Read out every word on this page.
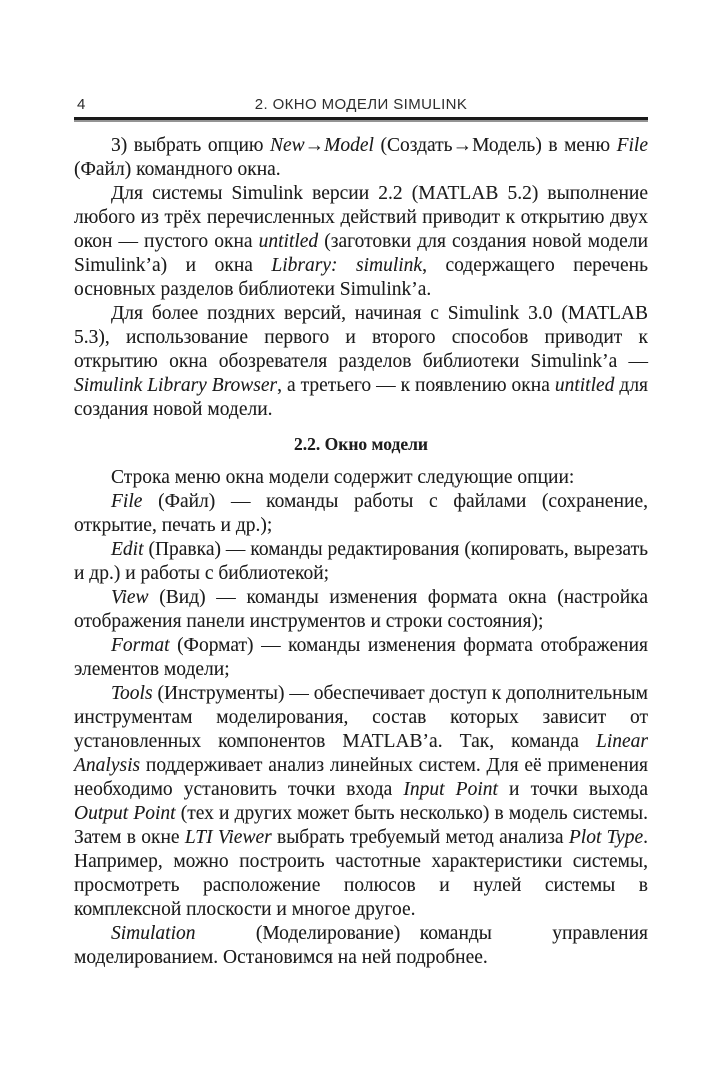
4	2. ОКНО МОДЕЛИ SIMULINK

3) выбрать опцию New→Model (Создать→Модель) в меню File (Файл) командного окна.

Для системы Simulink версии 2.2 (MATLAB 5.2) выполнение любого из трёх перечисленных действий приводит к открытию двух окон — пустого окна untitled (заготовки для создания новой модели Simulink’а) и окна Library: simulink, содержащего перечень основных разделов библиотеки Simulink’а.

Для более поздних версий, начиная с Simulink 3.0 (MATLAB 5.3), использование первого и второго способов приводит к открытию окна обозревателя разделов библиотеки Simulink’а — Simulink Library Browser, а третьего — к появлению окна untitled для создания новой модели.

2.2. Окно модели

Строка меню окна модели содержит следующие опции:

File (Файл) — команды работы с файлами (сохранение, открытие, печать и др.);

Edit (Правка) — команды редактирования (копировать, вырезать и др.) и работы с библиотекой;

View (Вид) — команды изменения формата окна (настройка отображения панели инструментов и строки состояния);

Format (Формат) — команды изменения формата отображения элементов модели;

Tools (Инструменты) — обеспечивает доступ к дополнительным инструментам моделирования, состав которых зависит от установленных компонентов MATLAB’а. Так, команда Linear Analysis поддерживает анализ линейных систем. Для её применения необходимо установить точки входа Input Point и точки выхода Output Point (тех и других может быть несколько) в модель системы. Затем в окне LTI Viewer выбрать требуемый метод анализа Plot Type. Например, можно построить частотные характеристики системы, просмотреть расположение полюсов и нулей системы в комплексной плоскости и многое другое.

Simulation (Моделирование) команды управления моделированием. Остановимся на ней подробнее.
